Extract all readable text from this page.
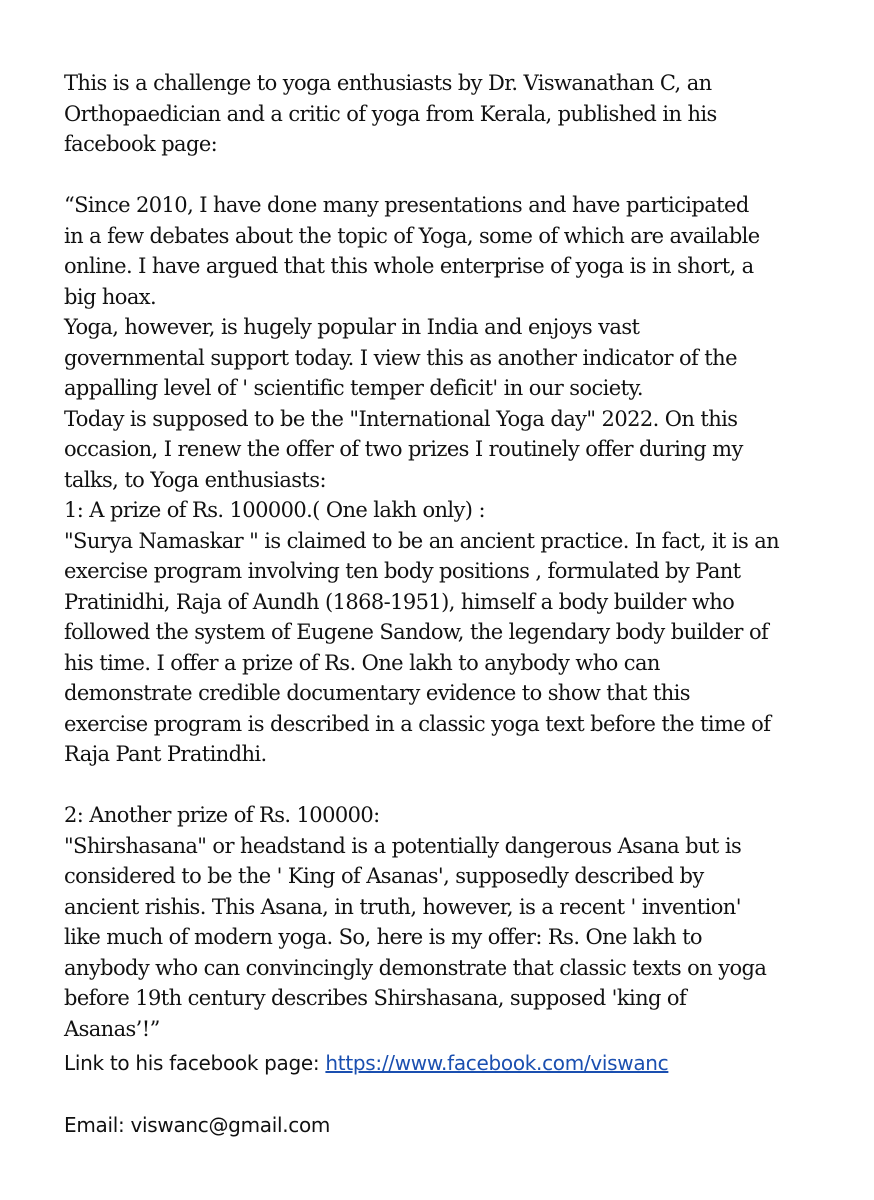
This is a challenge to yoga enthusiasts by Dr. Viswanathan C, an
Orthopaedician and a critic of yoga from Kerala, published in his
facebook page:
“Since 2010, I have done many presentations and have participated
in a few debates about the topic of Yoga, some of which are available
online. I have argued that this whole enterprise of yoga is in short, a
big hoax.
Yoga, however, is hugely popular in India and enjoys vast
governmental support today. I view this as another indicator of the
appalling level of ' scientific temper deficit' in our society.
Today is supposed to be the "International Yoga day" 2022. On this
occasion, I renew the offer of two prizes I routinely offer during my
talks, to Yoga enthusiasts:
1: A prize of Rs. 100000.( One lakh only) :
"Surya Namaskar " is claimed to be an ancient practice. In fact, it is an
exercise program involving ten body positions , formulated by Pant
Pratinidhi, Raja of Aundh (1868-1951), himself a body builder who
followed the system of Eugene Sandow, the legendary body builder of
his time. I offer a prize of Rs. One lakh to anybody who can
demonstrate credible documentary evidence to show that this
exercise program is described in a classic yoga text before the time of
Raja Pant Pratindhi.
2: Another prize of Rs. 100000:
"Shirshasana" or headstand is a potentially dangerous Asana but is
considered to be the ' King of Asanas', supposedly described by
ancient rishis. This Asana, in truth, however, is a recent ' invention'
like much of modern yoga. So, here is my offer: Rs. One lakh to
anybody who can convincingly demonstrate that classic texts on yoga
before 19th century describes Shirshasana, supposed 'king of
Asanas’!”
Link to his facebook page: https://www.facebook.com/viswanc
Email: viswanc@gmail.com
